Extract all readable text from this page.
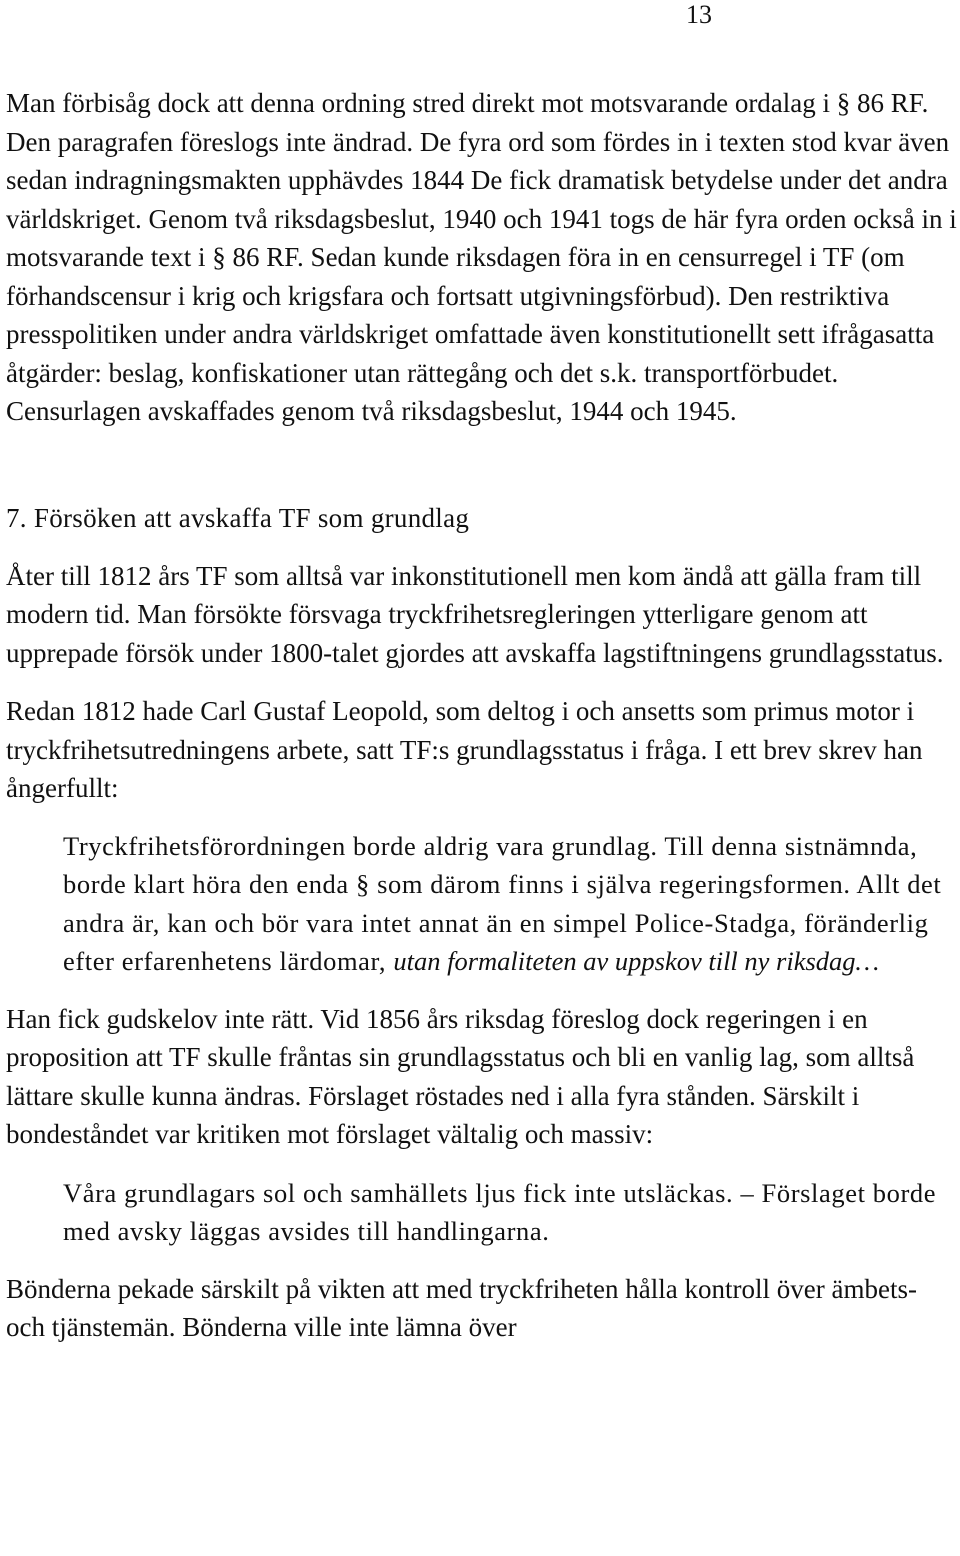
13

Man förbisåg dock att denna ordning stred direkt mot motsvarande ordalag i § 86 RF. Den paragrafen föreslogs inte ändrad. De fyra ord som fördes in i texten stod kvar även sedan indragningsmakten upphävdes 1844 De fick dramatisk betydelse under det andra världskriget. Genom två riksdagsbeslut, 1940 och 1941 togs de här fyra orden också in i motsvarande text i § 86 RF. Sedan kunde riksdagen föra in en censurregel i TF (om förhandscensur i krig och krigsfara och fortsatt utgivningsförbud). Den restriktiva presspolitiken under andra världskriget omfattade även konstitutionellt sett ifrågasatta åtgärder: beslag, konfiskationer utan rättegång och det s.k. transportförbudet. Censurlagen avskaffades genom två riksdagsbeslut, 1944 och 1945.

7. Försöken att avskaffa TF som grundlag

Åter till 1812 års TF som alltså var inkonstitutionell men kom ändå att gälla fram till modern tid. Man försökte försvaga tryckfrihetsregleringen ytterligare genom att upprepade försök under 1800-talet gjordes att avskaffa lagstiftningens grundlagsstatus.

Redan 1812 hade Carl Gustaf Leopold, som deltog i och ansetts som primus motor i tryckfrihetsutredningens arbete, satt TF:s grundlagsstatus i fråga. I ett brev skrev han ångerfullt:

Tryckfrihetsförordningen borde aldrig vara grundlag. Till denna sistnämnda, borde klart höra den enda § som därom finns i själva regeringsformen. Allt det andra är, kan och bör vara intet annat än en simpel Police-Stadga, föränderlig efter erfarenhetens lärdomar, utan formaliteten av uppskov till ny riksdag…

Han fick gudskelov inte rätt. Vid 1856 års riksdag föreslog dock regeringen i en proposition att TF skulle fråntas sin grundlagsstatus och bli en vanlig lag, som alltså lättare skulle kunna ändras. Förslaget röstades ned i alla fyra stånden. Särskilt i bondeståndet var kritiken mot förslaget vältalig och massiv:

Våra grundlagars sol och samhällets ljus fick inte utsläckas. – Förslaget borde med avsky läggas avsides till handlingarna.

Bönderna pekade särskilt på vikten att med tryckfriheten hålla kontroll över ämbets- och tjänstemän. Bönderna ville inte lämna över
